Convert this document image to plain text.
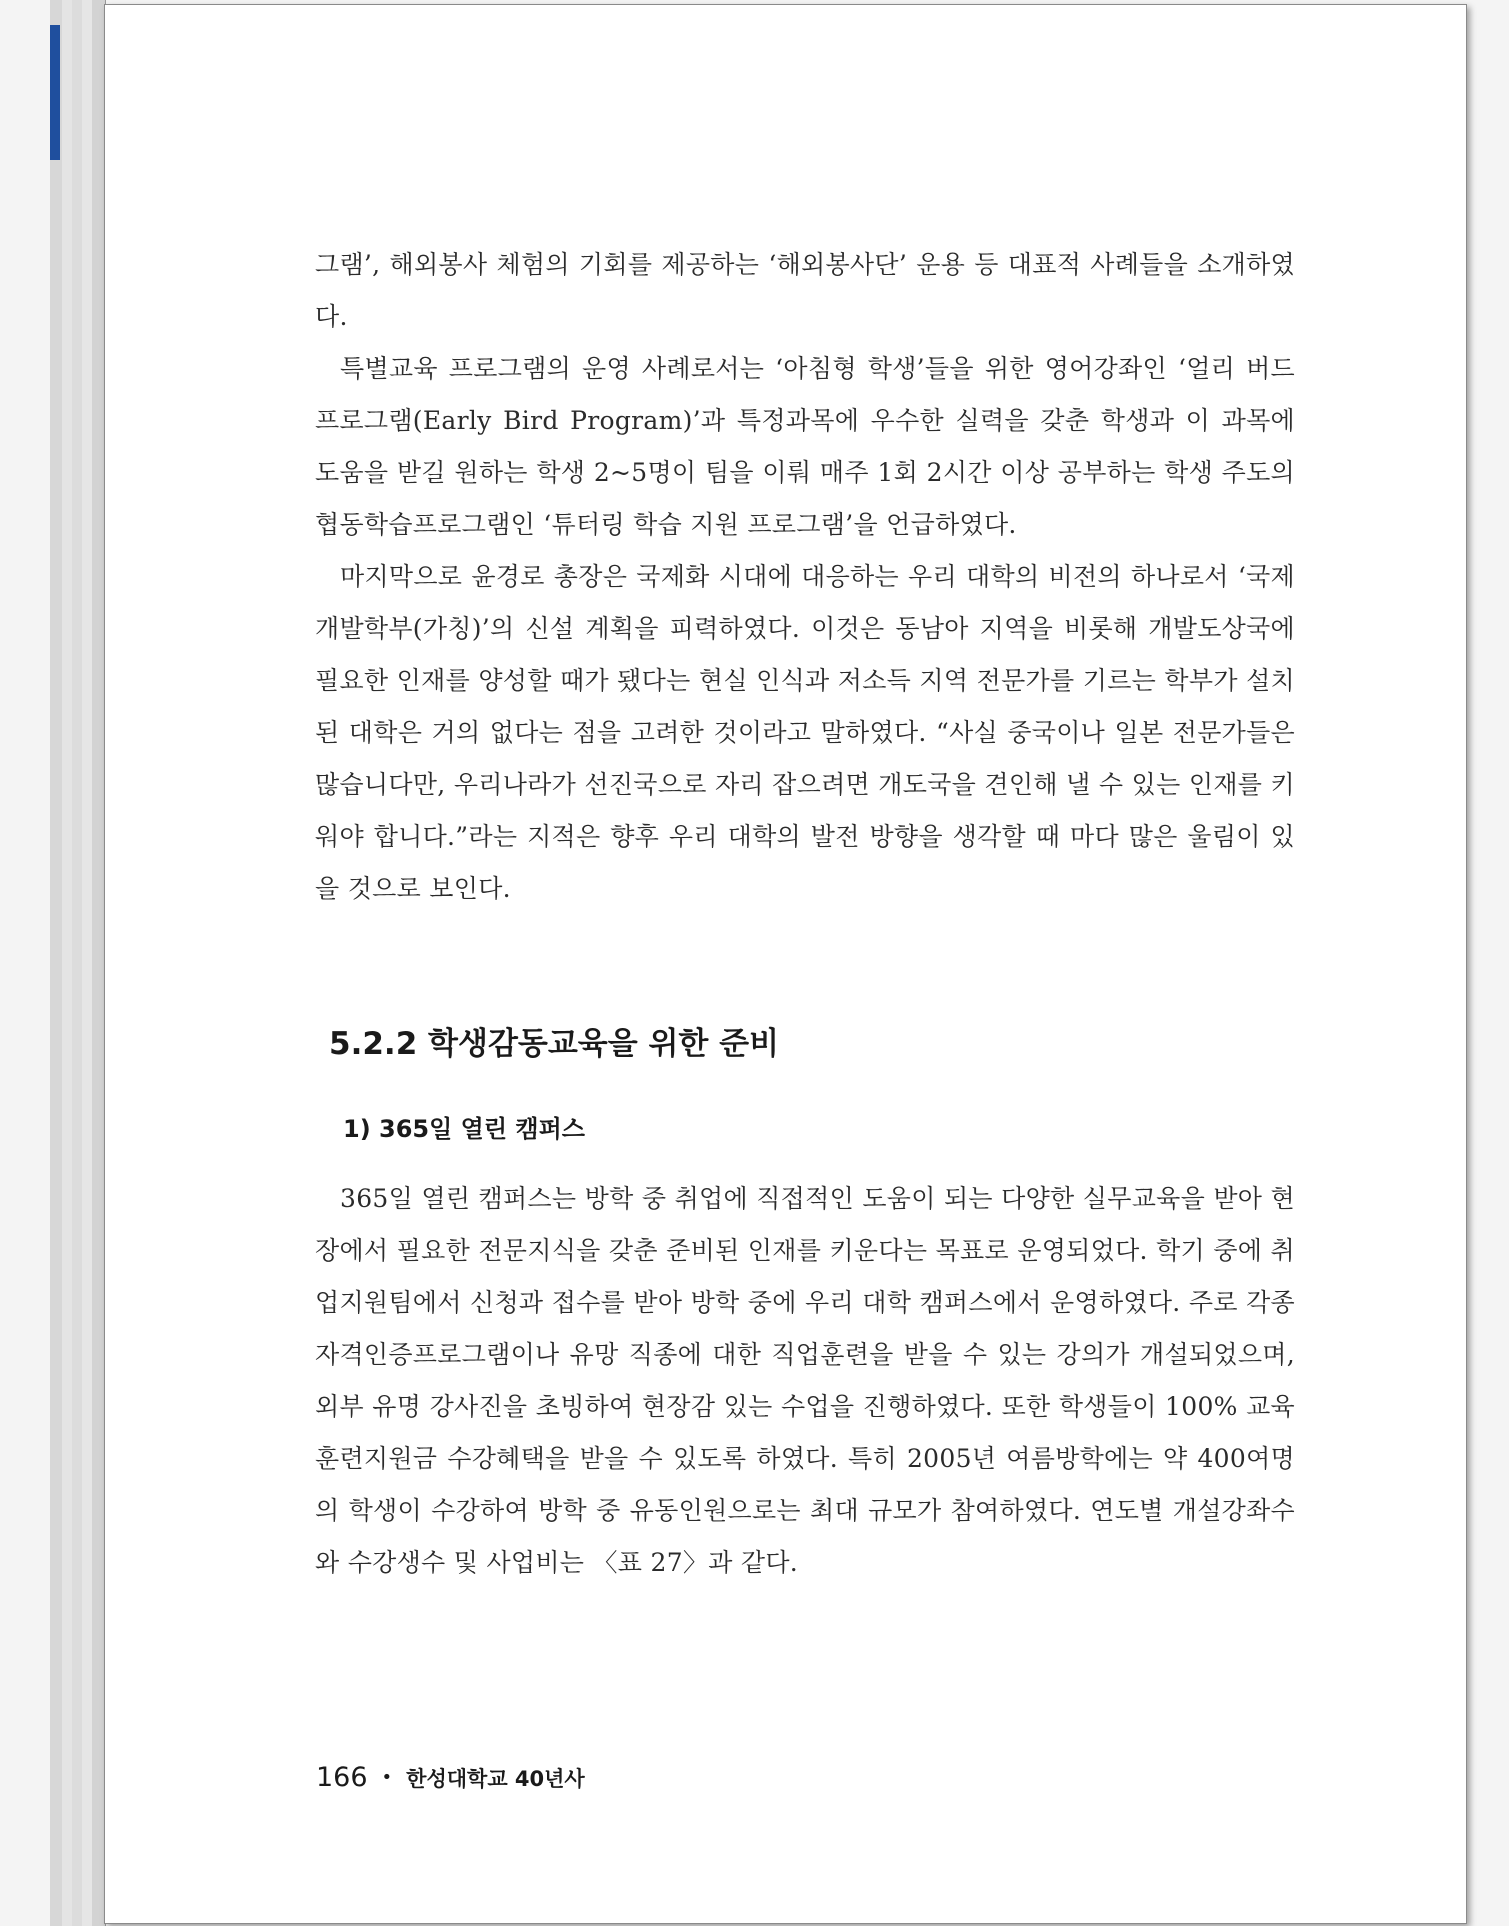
그램’, 해외봉사 체험의 기회를 제공하는 ‘해외봉사단’ 운용 등 대표적 사례들을 소개하였다.

특별교육 프로그램의 운영 사례로서는 ‘아침형 학생’들을 위한 영어강좌인 ‘얼리 버드 프로그램(Early Bird Program)’과 특정과목에 우수한 실력을 갖춘 학생과 이 과목에 도움을 받길 원하는 학생 2~5명이 팀을 이뤄 매주 1회 2시간 이상 공부하는 학생 주도의 협동학습프로그램인 ‘튜터링 학습 지원 프로그램’을 언급하였다.

마지막으로 윤경로 총장은 국제화 시대에 대응하는 우리 대학의 비전의 하나로서 ‘국제개발학부(가칭)’의 신설 계획을 피력하였다. 이것은 동남아 지역을 비롯해 개발도상국에 필요한 인재를 양성할 때가 됐다는 현실 인식과 저소득 지역 전문가를 기르는 학부가 설치된 대학은 거의 없다는 점을 고려한 것이라고 말하였다. “사실 중국이나 일본 전문가들은 많습니다만, 우리나라가 선진국으로 자리 잡으려면 개도국을 견인해 낼 수 있는 인재를 키워야 합니다.”라는 지적은 향후 우리 대학의 발전 방향을 생각할 때 마다 많은 울림이 있을 것으로 보인다.

5.2.2 학생감동교육을 위한 준비
1) 365일 열린 캠퍼스

365일 열린 캠퍼스는 방학 중 취업에 직접적인 도움이 되는 다양한 실무교육을 받아 현장에서 필요한 전문지식을 갖춘 준비된 인재를 키운다는 목표로 운영되었다. 학기 중에 취업지원팀에서 신청과 접수를 받아 방학 중에 우리 대학 캠퍼스에서 운영하였다. 주로 각종 자격인증프로그램이나 유망 직종에 대한 직업훈련을 받을 수 있는 강의가 개설되었으며, 외부 유명 강사진을 초빙하여 현장감 있는 수업을 진행하였다. 또한 학생들이 100% 교육훈련지원금 수강혜택을 받을 수 있도록 하였다. 특히 2005년 여름방학에는 약 400여명의 학생이 수강하여 방학 중 유동인원으로는 최대 규모가 참여하였다. 연도별 개설강좌수와 수강생수 및 사업비는 〈표 27〉과 같다.

166 • 한성대학교 40년사
